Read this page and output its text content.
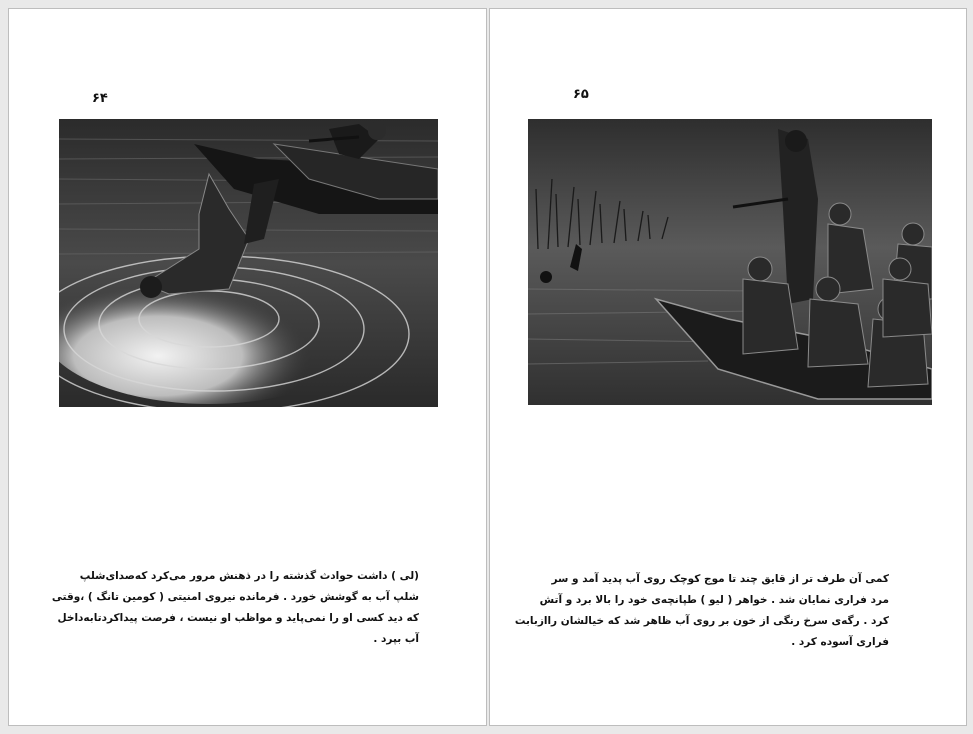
۶۴
(لی ) داشت حوادث گذشته را در ذهنش مرور می‌کرد که‌صدای‌شلپ
شلپ آب به گوشش خورد . فرمانده نیروی امنیتی ( کومین تانگ ) ،وقتی
که دید کسی او را نمی‌پاید و مواظب او نیست ، فرصت پیداکردتابه‌داخل
آب بپرد .
۶۵
کمی آن طرف تر از قایق چند تا موج کوچک روی آب پدید آمد و سر
مرد فراری نمایان شد . خواهر ( لیو ) طپانچه‌ی خود را بالا برد و آتش
کرد . رگه‌ی سرخ رنگی از خون بر روی آب ظاهر شد که خیالشان رااز‌بابت
فراری آسوده کرد .
